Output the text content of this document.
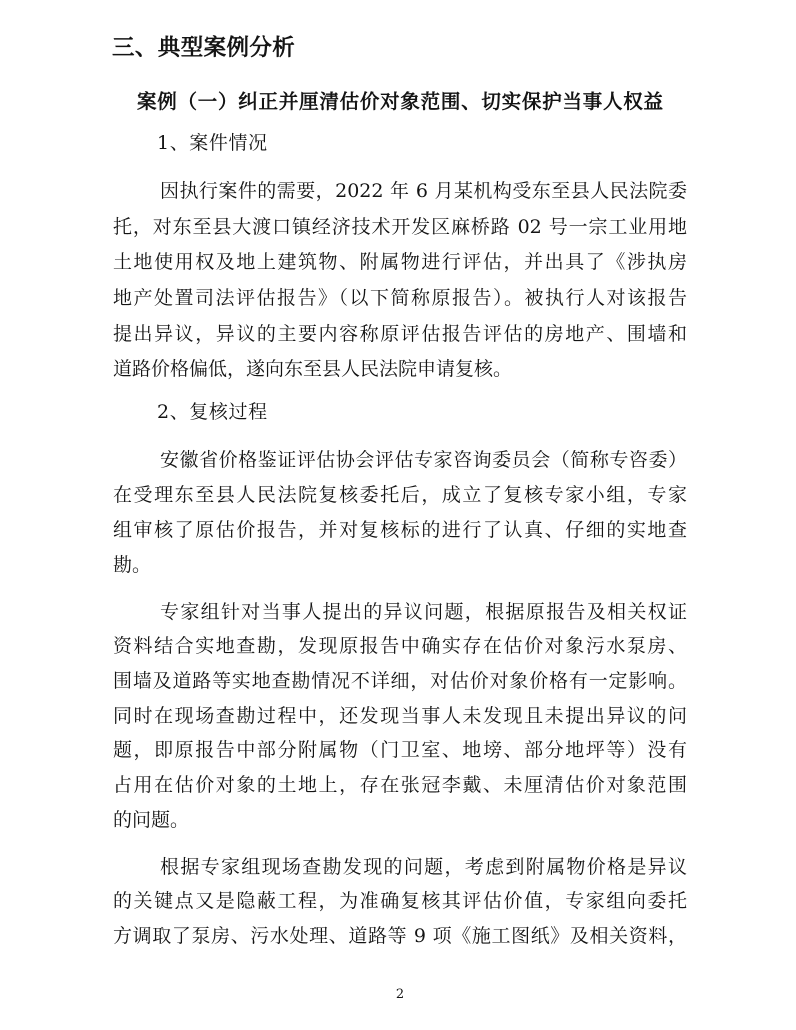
三、典型案例分析
案例（一）纠正并厘清估价对象范围、切实保护当事人权益
1、案件情况
因执行案件的需要，2022 年 6 月某机构受东至县人民法院委
托，对东至县大渡口镇经济技术开发区麻桥路 02 号一宗工业用地
土地使用权及地上建筑物、附属物进行评估，并出具了《涉执房
地产处置司法评估报告》（以下简称原报告）。被执行人对该报告
提出异议，异议的主要内容称原评估报告评估的房地产、围墙和
道路价格偏低，遂向东至县人民法院申请复核。
2、复核过程
安徽省价格鉴证评估协会评估专家咨询委员会（简称专咨委）
在受理东至县人民法院复核委托后，成立了复核专家小组，专家
组审核了原估价报告，并对复核标的进行了认真、仔细的实地查
勘。
专家组针对当事人提出的异议问题，根据原报告及相关权证
资料结合实地查勘，发现原报告中确实存在估价对象污水泵房、
围墙及道路等实地查勘情况不详细，对估价对象价格有一定影响。
同时在现场查勘过程中，还发现当事人未发现且未提出异议的问
题，即原报告中部分附属物（门卫室、地塝、部分地坪等）没有
占用在估价对象的土地上，存在张冠李戴、未厘清估价对象范围
的问题。
根据专家组现场查勘发现的问题，考虑到附属物价格是异议
的关键点又是隐蔽工程，为准确复核其评估价值，专家组向委托
方调取了泵房、污水处理、道路等 9 项《施工图纸》及相关资料，
2
